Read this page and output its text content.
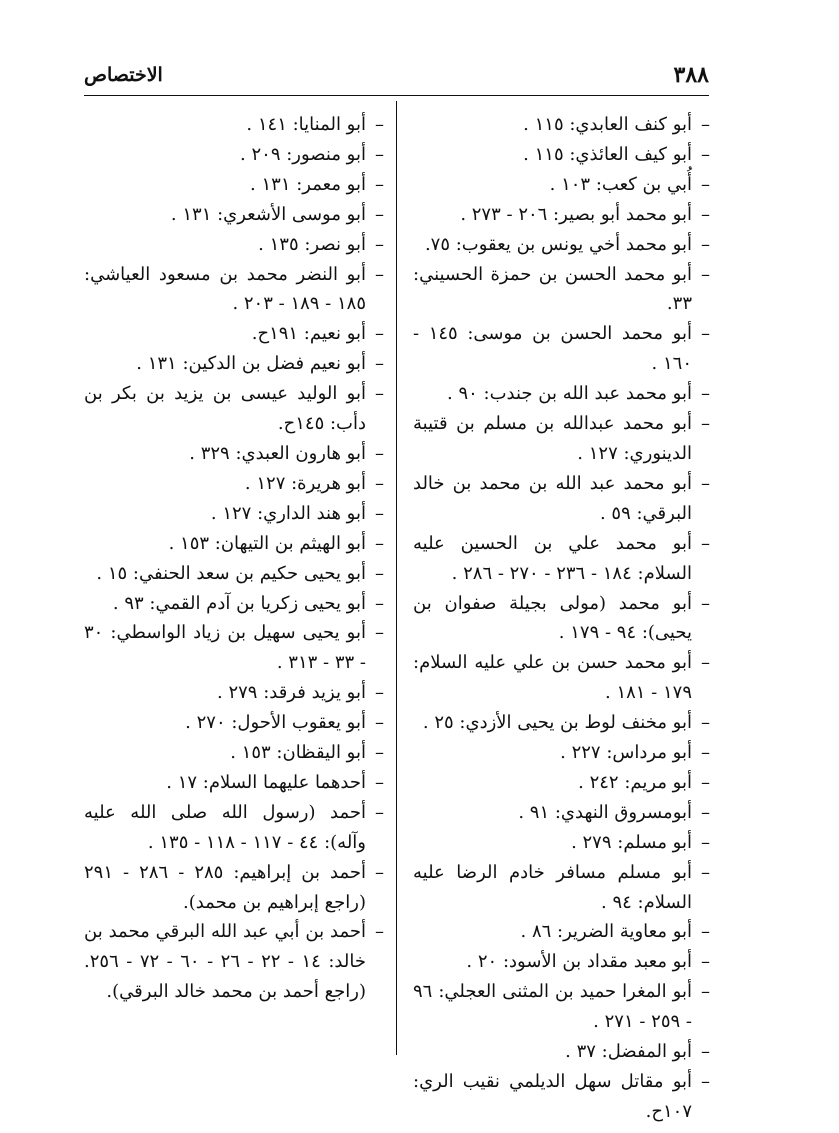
٣٨٨
الاختصاص

– أبو كنف العابدي: ١١٥ .

– أبو كيف العائذي: ١١٥ .

– أُبي بن كعب: ١٠٣ .

– أبو محمد أبو بصير: ٢٠٦ - ٢٧٣ .

– أبو محمد أخي يونس بن يعقوب: ٧٥.

– أبو محمد الحسن بن حمزة الحسيني: ٣٣.

– أبو محمد الحسن بن موسى: ١٤٥ - ١٦٠ .

– أبو محمد عبد الله بن جندب: ٩٠ .

– أبو محمد عبدالله بن مسلم بن قتيبة الدينوري: ١٢٧ .

– أبو محمد عبد الله بن محمد بن خالد البرقي: ٥٩ .

– أبو محمد علي بن الحسين عليه السلام: ١٨٤ - ٢٣٦ - ٢٧٠ - ٢٨٦ .

– أبو محمد (مولى بجيلة صفوان بن يحيى): ٩٤ - ١٧٩ .

– أبو محمد حسن بن علي عليه السلام: ١٧٩ - ١٨١ .

– أبو مخنف لوط بن يحيى الأزدي: ٢٥ .

– أبو مرداس: ٢٢٧ .

– أبو مريم: ٢٤٢ .

– أبومسروق النهدي: ٩١ .

– أبو مسلم: ٢٧٩ .

– أبو مسلم مسافر خادم الرضا عليه السلام: ٩٤ .

– أبو معاوية الضرير: ٨٦ .

– أبو معبد مقداد بن الأسود: ٢٠ .

– أبو المغرا حميد بن المثنى العجلي: ٩٦ - ٢٥٩ - ٢٧١ .

– أبو المفضل: ٣٧ .

– أبو مقاتل سهل الديلمي نقيب الري: ١٠٧ح.

– أبو المنايا: ١٤١ .

– أبو منصور: ٢٠٩ .

– أبو معمر: ١٣١ .

– أبو موسى الأشعري: ١٣١ .

– أبو نصر: ١٣٥ .

– أبو النضر محمد بن مسعود العياشي: ١٨٥ - ١٨٩ - ٢٠٣ .

– أبو نعيم: ١٩١ح.

– أبو نعيم فضل بن الدكين: ١٣١ .

– أبو الوليد عيسى بن يزيد بن بكر بن دأب: ١٤٥ح.

– أبو هارون العبدي: ٣٢٩ .

– أبو هريرة: ١٢٧ .

– أبو هند الداري: ١٢٧ .

– أبو الهيثم بن التيهان: ١٥٣ .

– أبو يحيى حكيم بن سعد الحنفي: ١٥ .

– أبو يحيى زكريا بن آدم القمي: ٩٣ .

– أبو يحيى سهيل بن زياد الواسطي: ٣٠ - ٣٣ - ٣١٣ .

– أبو يزيد فرقد: ٢٧٩ .

– أبو يعقوب الأحول: ٢٧٠ .

– أبو اليقظان: ١٥٣ .

– أحدهما عليهما السلام: ١٧ .

– أحمد (رسول الله صلى الله عليه وآله): ٤٤ - ١١٧ - ١١٨ - ١٣٥ .

– أحمد بن إبراهيم: ٢٨٥ - ٢٨٦ - ٢٩١ (راجع إبراهيم بن محمد).

– أحمد بن أبي عبد الله البرقي محمد بن خالد: ١٤ - ٢٢ - ٢٦ - ٦٠ - ٧٢ - ٢٥٦. (راجع أحمد بن محمد خالد البرقي).
